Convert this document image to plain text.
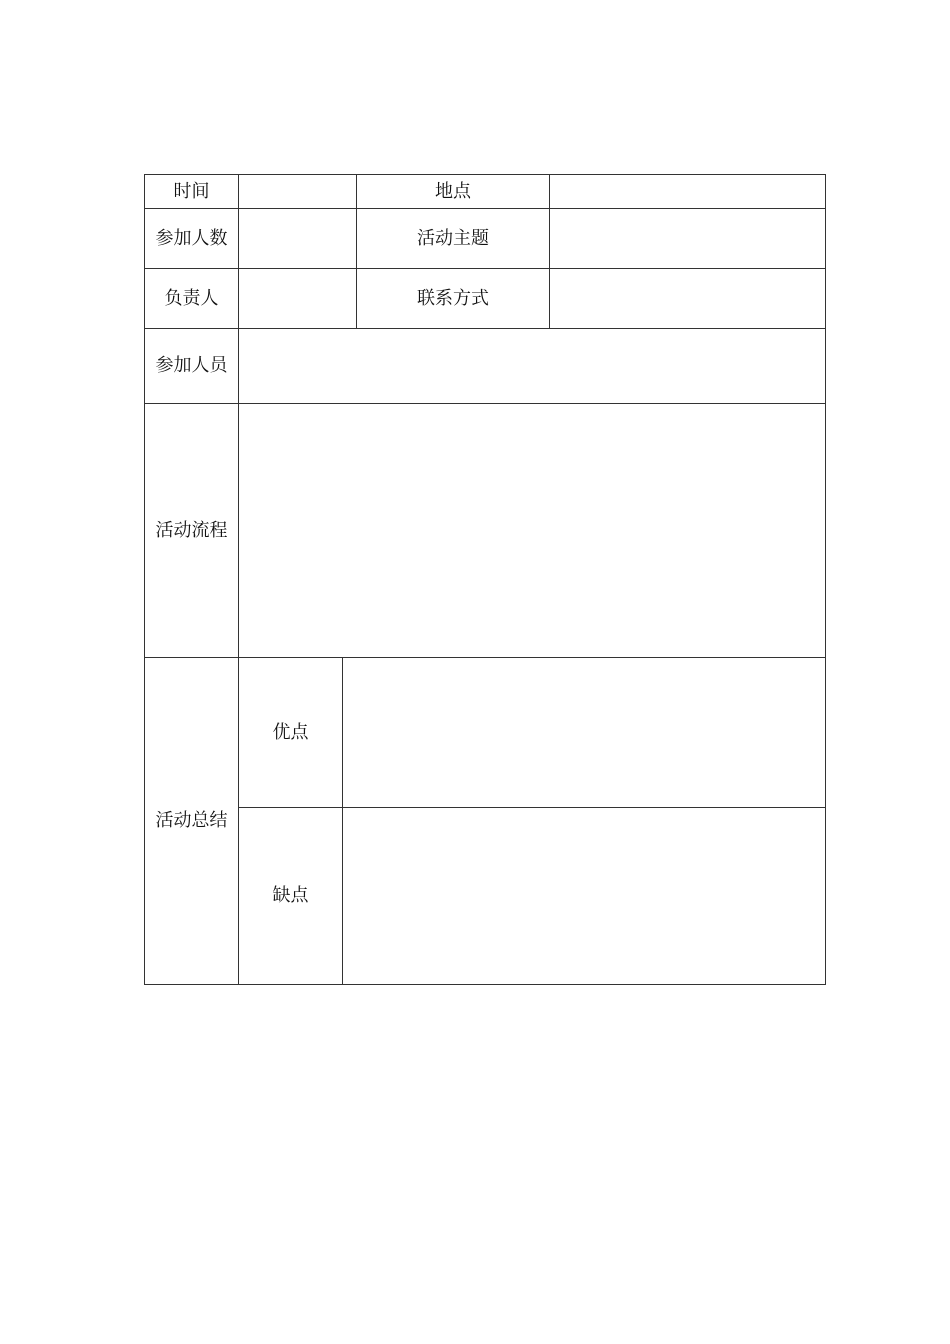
时间			地点	
参加人数			活动主题	
负责人			联系方式	
参加人员				
活动流程				
活动总结	优点			
	缺点			
